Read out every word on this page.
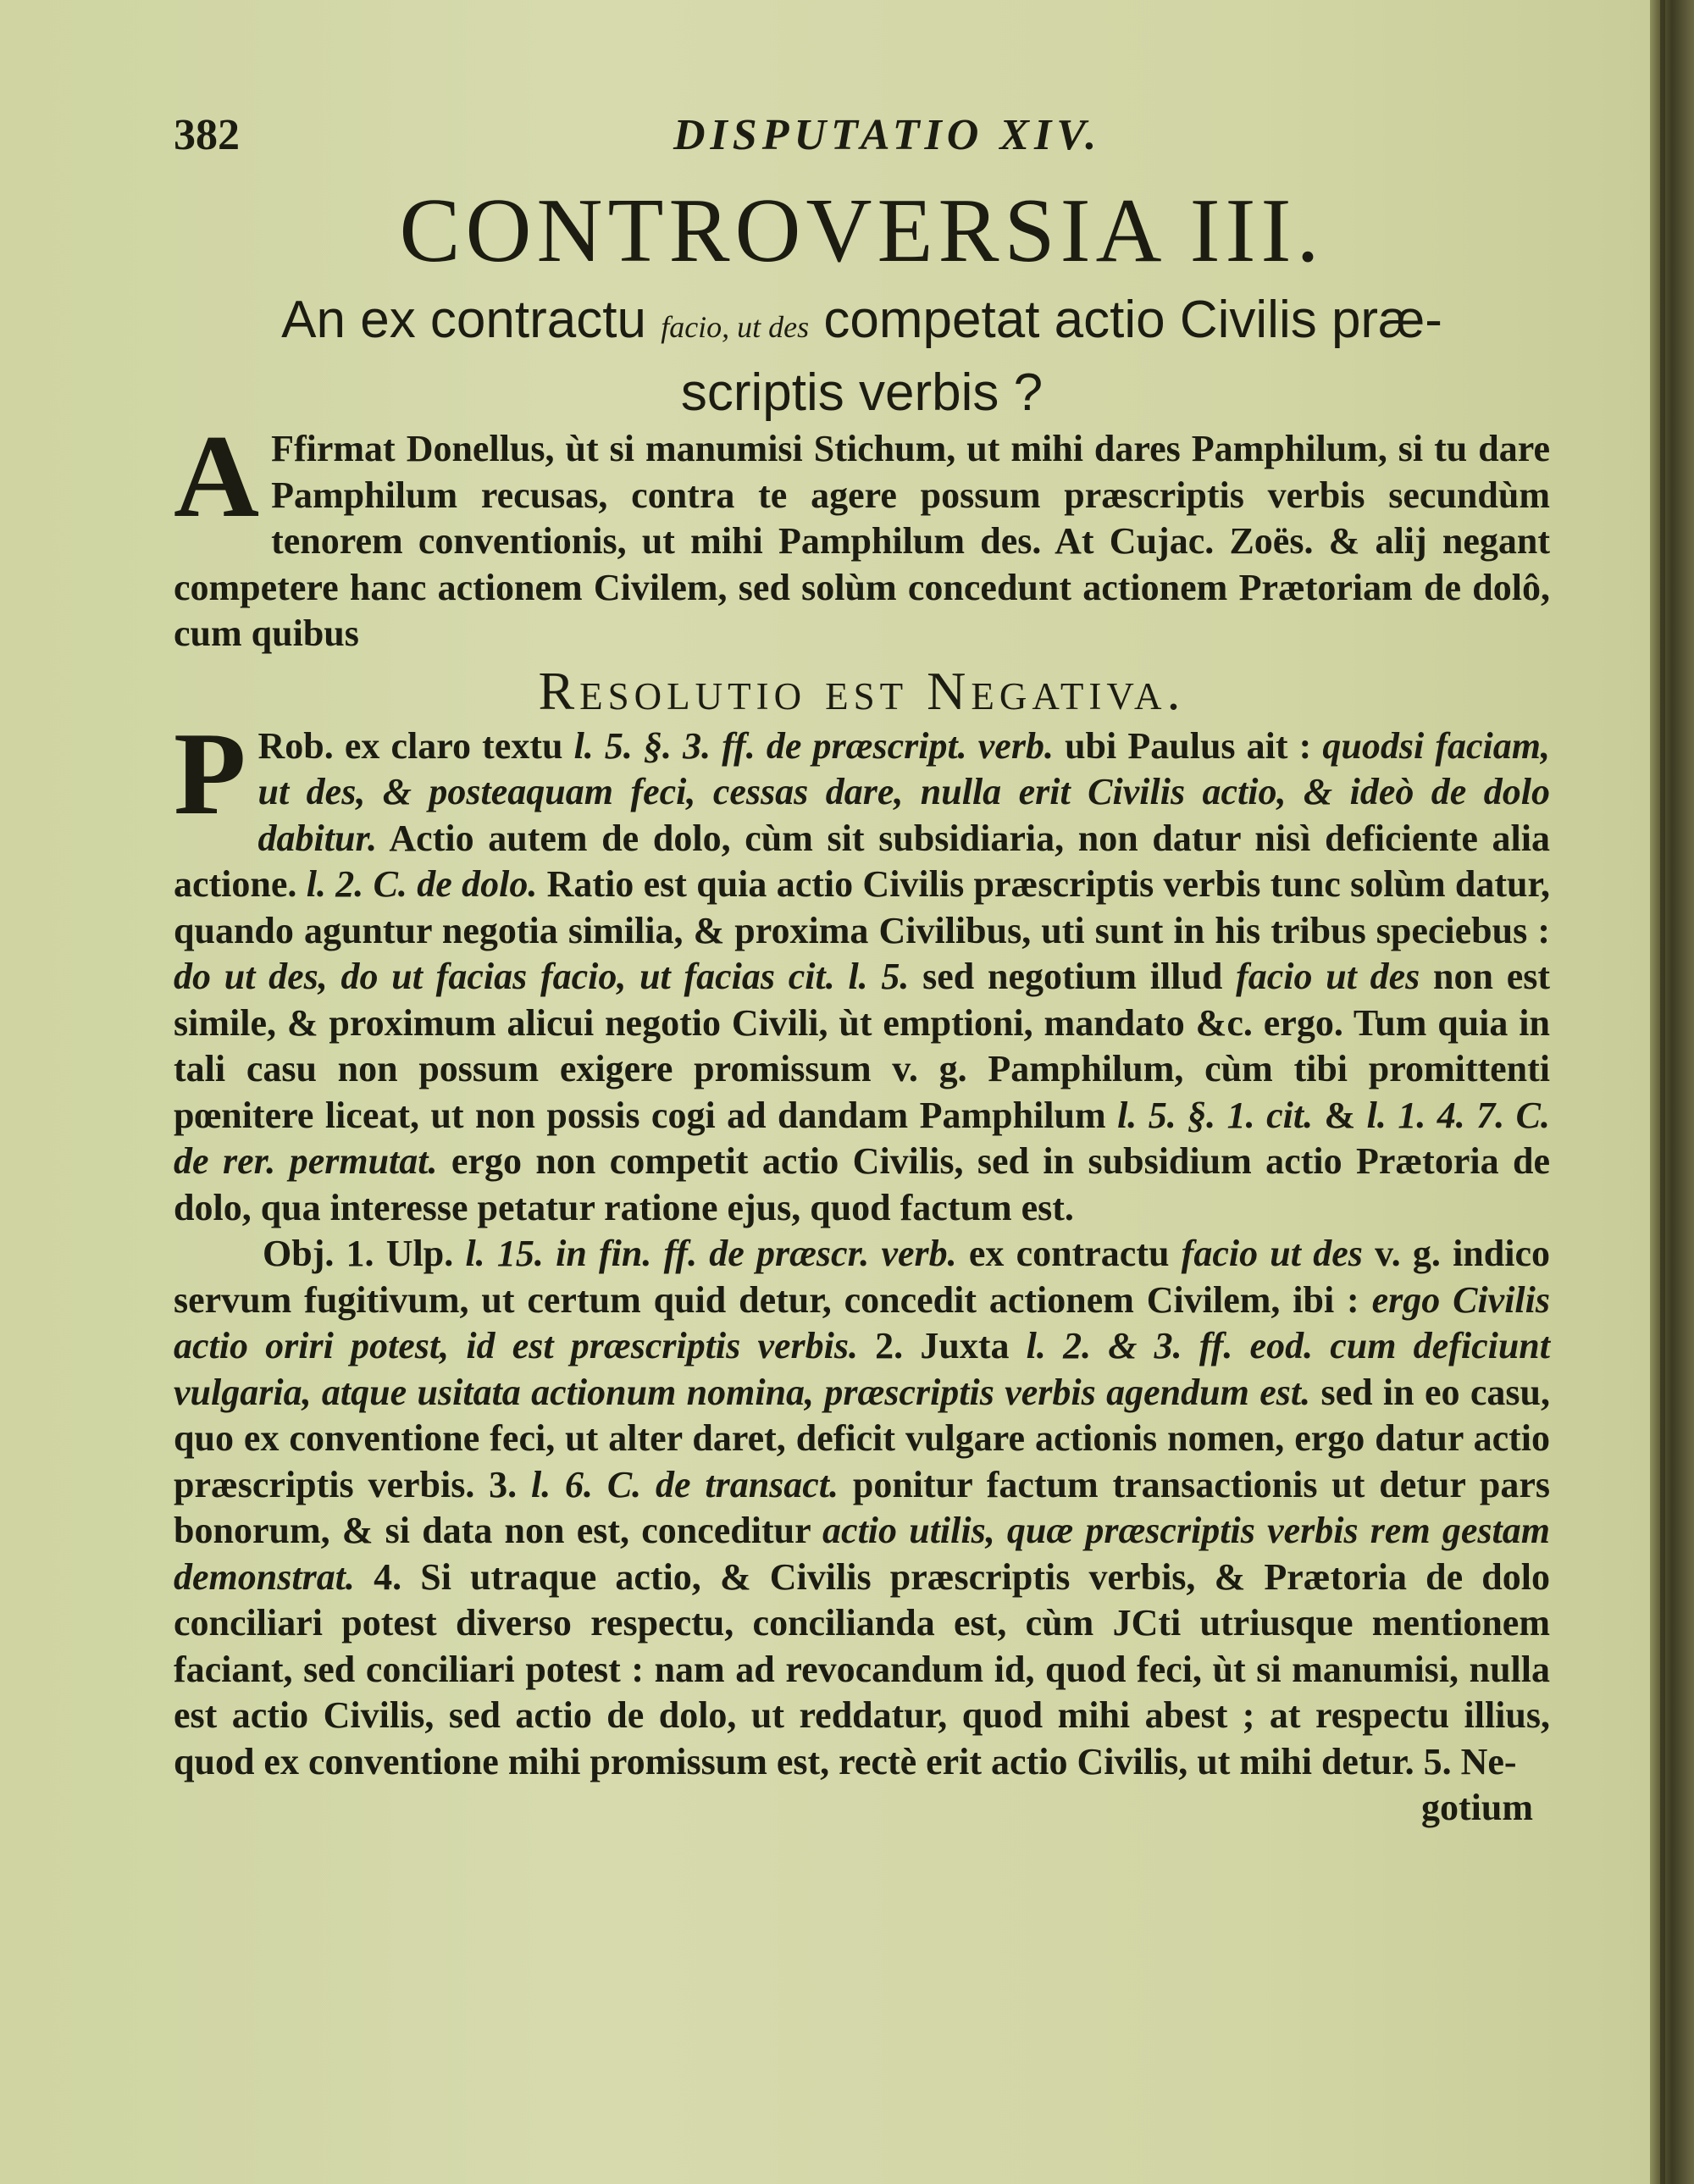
382	DISPUTATIO XIV.
CONTROVERSIA III.
An ex contractu facio, ut des competat actio Civilis præ-
scriptis verbis ?

A Ffirmat Donellus, ùt si manumisi Stichum, ut mihi dares Pamphilum, si tu dare Pamphilum recusas, contra te agere possum præscriptis verbis secundùm tenorem conventionis, ut mihi Pamphilum des. At Cujac. Zoës. & alij negant competere hanc actionem Civilem, sed solùm concedunt actionem Prætoriam de dolô, cum quibus

Resolutio est Negativa.

P Rob. ex claro textu l. 5. §. 3. ff. de præscript. verb. ubi Paulus ait : quodsi faciam, ut des, & posteaquam feci, cessas dare, nulla erit Civilis actio, & ideò de dolo dabitur. Actio autem de dolo, cùm sit subsidiaria, non datur nisì deficiente alia actione. l. 2. C. de dolo. Ratio est quia actio Civilis præscriptis verbis tunc solùm datur, quando aguntur negotia similia, & proxima Civilibus, uti sunt in his tribus speciebus : do ut des, do ut facias facio, ut facias cit. l. 5. sed negotium illud facio ut des non est simile, & proximum alicui negotio Civili, ùt emptioni, mandato &c. ergo. Tum quia in tali casu non possum exigere promissum v. g. Pamphilum, cùm tibi promittenti pœnitere liceat, ut non possis cogi ad dandam Pamphilum l. 5. §. 1. cit. & l. 1. 4. 7. C. de rer. permutat. ergo non competit actio Civilis, sed in subsidium actio Prætoria de dolo, qua interesse petatur ratione ejus, quod factum est.

Obj. 1. Ulp. l. 15. in fin. ff. de præscr. verb. ex contractu facio ut des v. g. indico servum fugitivum, ut certum quid detur, concedit actionem Civilem, ibi : ergo Civilis actio oriri potest, id est præscriptis verbis. 2. Juxta l. 2. & 3. ff. eod. cum deficiunt vulgaria, atque usitata actionum nomina, præscriptis verbis agendum est. sed in eo casu, quo ex conventione feci, ut alter daret, deficit vulgare actionis nomen, ergo datur actio præscriptis verbis. 3. l. 6. C. de transact. ponitur factum transactionis ut detur pars bonorum, & si data non est, conceditur actio utilis, quæ præscriptis verbis rem gestam demonstrat. 4. Si utraque actio, & Civilis præscriptis verbis, & Prætoria de dolo conciliari potest diverso respectu, concilianda est, cùm JCti utriusque mentionem faciant, sed conciliari potest : nam ad revocandum id, quod feci, ùt si manumisi, nulla est actio Civilis, sed actio de dolo, ut reddatur, quod mihi abest ; at respectu illius, quod ex conventione mihi promissum est, rectè erit actio Civilis, ut mihi detur. 5. Ne-

gotium
